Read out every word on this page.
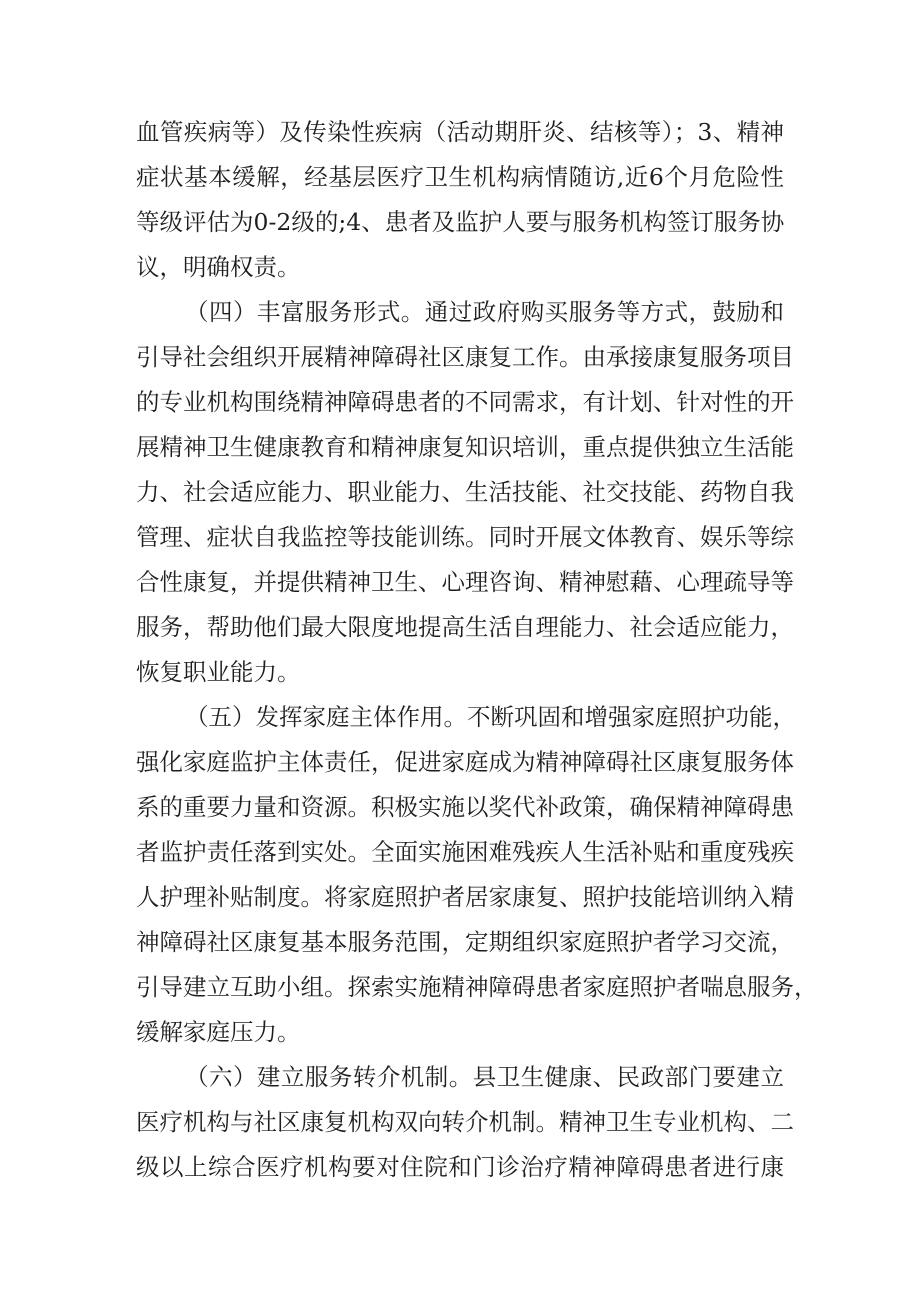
血管疾病等）及传染性疾病（活动期肝炎、结核等）；3、精神
症状基本缓解，经基层医疗卫生机构病情随访,近6个月危险性
等级评估为0-2级的;4、患者及监护人要与服务机构签订服务协
议，明确权责。
（四）丰富服务形式。通过政府购买服务等方式，鼓励和
引导社会组织开展精神障碍社区康复工作。由承接康复服务项目
的专业机构围绕精神障碍患者的不同需求，有计划、针对性的开
展精神卫生健康教育和精神康复知识培训，重点提供独立生活能
力、社会适应能力、职业能力、生活技能、社交技能、药物自我
管理、症状自我监控等技能训练。同时开展文体教育、娱乐等综
合性康复，并提供精神卫生、心理咨询、精神慰藉、心理疏导等
服务，帮助他们最大限度地提高生活自理能力、社会适应能力，
恢复职业能力。
（五）发挥家庭主体作用。不断巩固和增强家庭照护功能，
强化家庭监护主体责任，促进家庭成为精神障碍社区康复服务体
系的重要力量和资源。积极实施以奖代补政策，确保精神障碍患
者监护责任落到实处。全面实施困难残疾人生活补贴和重度残疾
人护理补贴制度。将家庭照护者居家康复、照护技能培训纳入精
神障碍社区康复基本服务范围，定期组织家庭照护者学习交流，
引导建立互助小组。探索实施精神障碍患者家庭照护者喘息服务，
缓解家庭压力。
（六）建立服务转介机制。县卫生健康、民政部门要建立
医疗机构与社区康复机构双向转介机制。精神卫生专业机构、二
级以上综合医疗机构要对住院和门诊治疗精神障碍患者进行康
